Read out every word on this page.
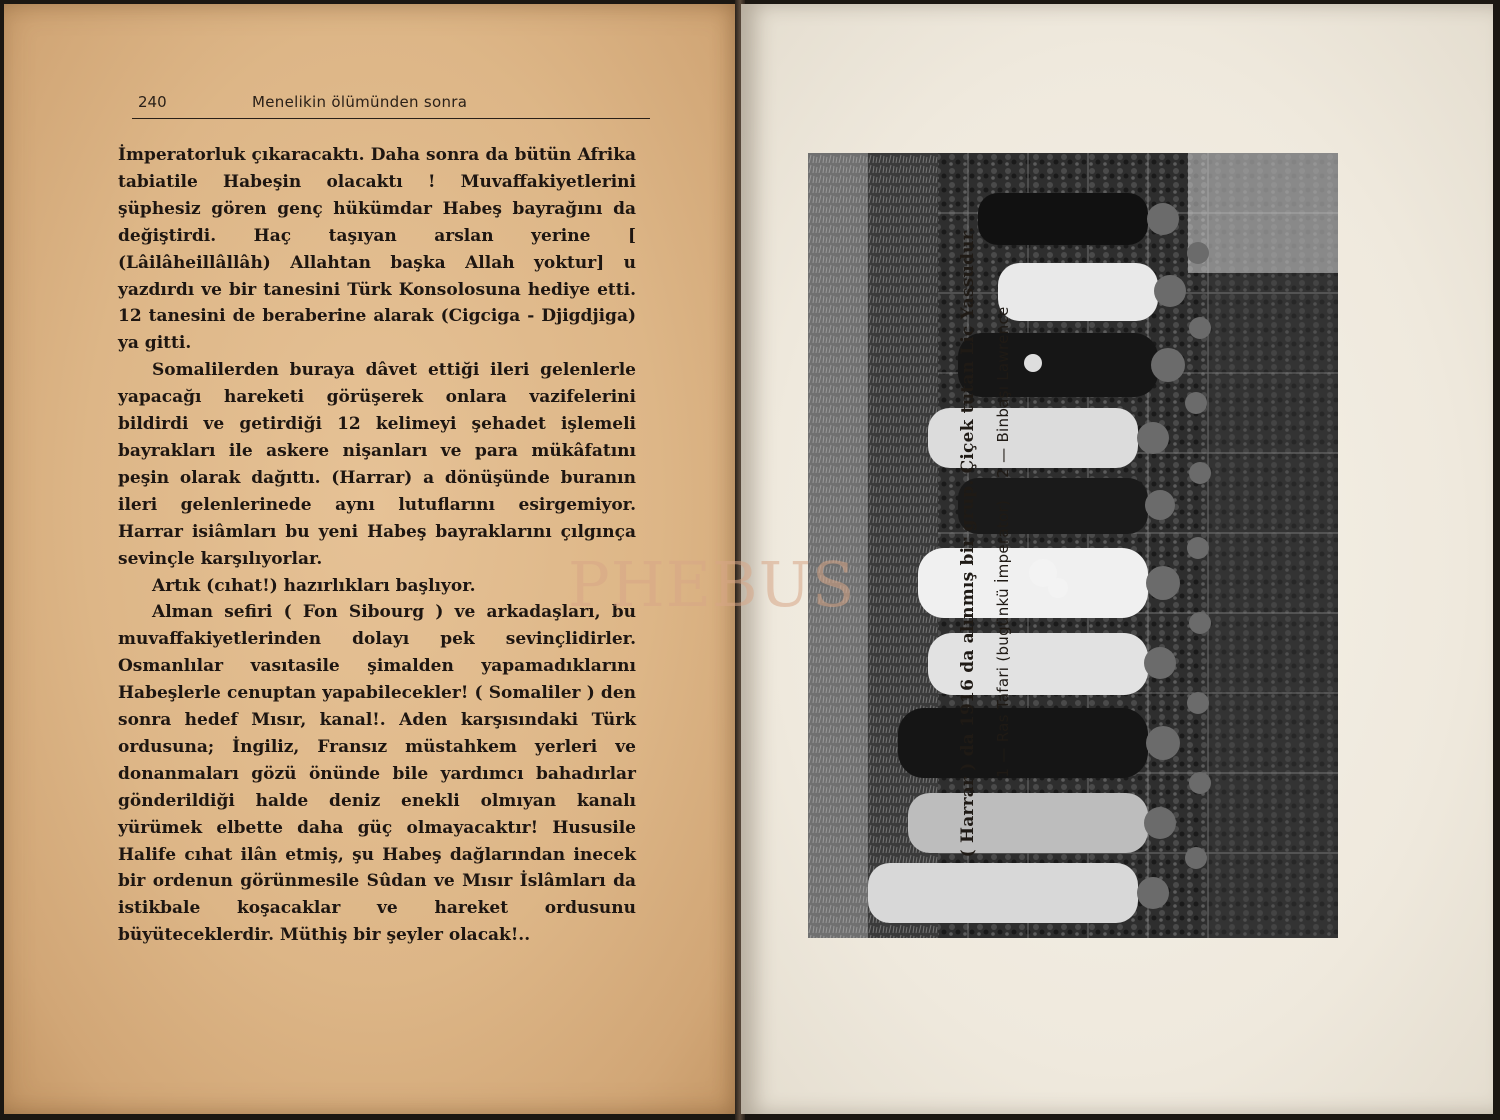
240	Menelikin ölümünden sonra

İmperatorluk çıkaracaktı. Daha sonra da bütün Afrika tabiatile Habeşin olacaktı ! Muvaffakiyetlerini şüphesiz gören genç hükümdar Habeş bayrağını da değiştirdi. Haç taşıyan arslan yerine [ (Lâilâheillâllâh) Allahtan başka Allah yoktur] u yazdırdı ve bir tanesini Türk Konsolosuna hediye etti. 12 tanesini de beraberine alarak (Cigciga - Djigdjiga) ya gitti.

Somalilerden buraya dâvet ettiği ileri gelenlerle yapacağı hareketi görüşerek onlara vazifelerini bildirdi ve getirdiği 12 kelimeyi şehadet işlemeli bayrakları ile askere nişanları ve para mükâfatını peşin olarak dağıttı. (Harrar) a dönüşünde buranın ileri gelenlerinede aynı lutuflarını esirgemiyor. Harrar isiâmları bu yeni Habeş bayraklarını çılgınça sevinçle karşılıyorlar.

Artık (cıhat!) hazırlıkları başlıyor.

Alman sefiri ( Fon Sibourg ) ve arkadaşları, bu muvaffakiyetlerinden dolayı pek sevinçlidirler. Osmanlılar vasıtasile şimalden yapamadıklarını Habeşlerle cenuptan yapabilecekler! ( Somaliler ) den sonra hedef Mısır, kanal!. Aden karşısındaki Türk ordusuna; İngiliz, Fransız müstahkem yerleri ve donanmaları gözü önünde bile yardımcı bahadırlar gönderildiği halde deniz enekli olmıyan kanalı yürümek elbette daha güç olmayacaktır! Hususile Halife cıhat ilân etmiş, şu Habeş dağlarından inecek bir ordenun görünmesile Sûdan ve Mısır İslâmları da istikbale koşacaklar ve hareket ordusunu büyüteceklerdir. Müthiş bir şeyler olacak!..

( Harrar ) da 1916 da alınmış bir grup. Çiçek tutan Lic Yassudur. 1 — Ras Tafari (bugünkü İmperator)2 — Binbaşı Lawrence
PHEBUS
